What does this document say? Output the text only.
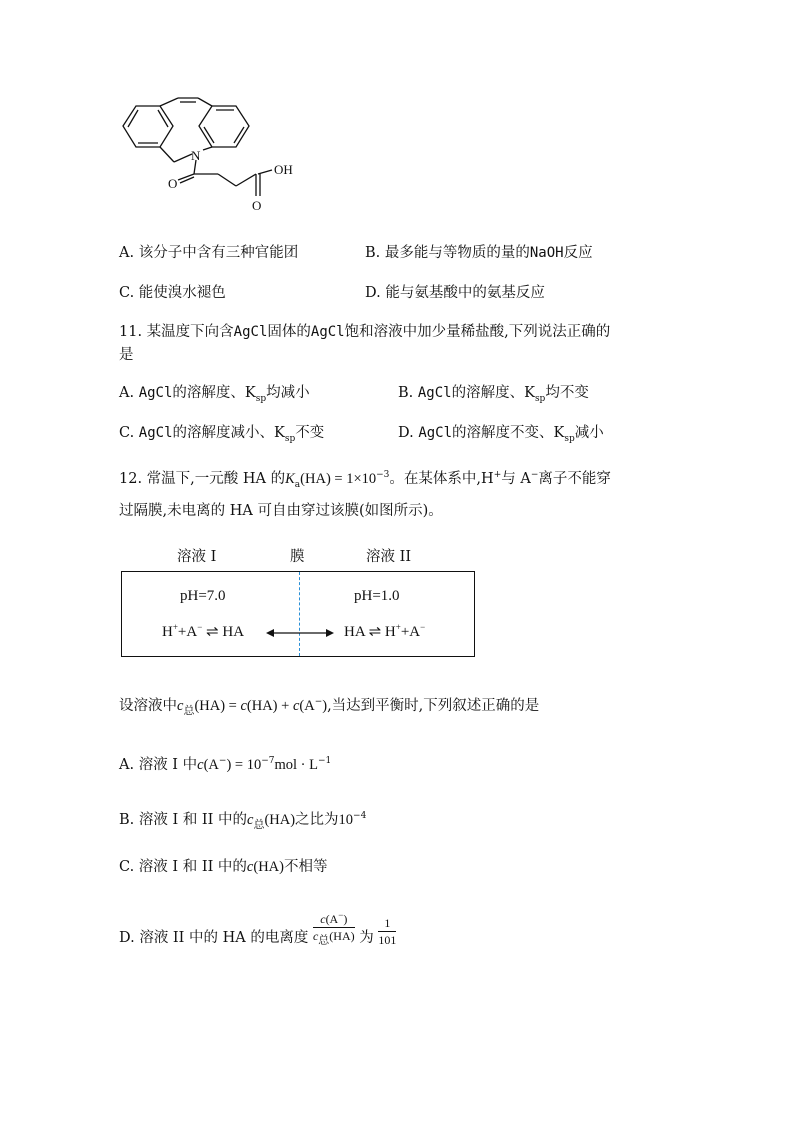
N
O
O
OH
A. 该分子中含有三种官能团	B. 最多能与等物质的量的NaOH反应
C. 能使溴水褪色	D. 能与氨基酸中的氨基反应
11. 某温度下向含AgCl固体的AgCl饱和溶液中加少量稀盐酸,下列说法正确的
是
A. AgCl的溶解度、$K_{sp}$均减小	B. AgCl的溶解度、$K_{sp}$均不变
C. AgCl的溶解度减小、$K_{sp}$不变	D. AgCl的溶解度不变、$K_{sp}$减小
12. 常温下,一元酸 HA 的$K_a(HA) = 1\times 10^{-3}$。在某体系中,H+与 A−离子不能穿
过隔膜,未电离的 HA 可自由穿过该膜(如图所示)。
溶液 I	膜	溶液 II
pH=7.0	pH=1.0
H++A− ⇌ HA	HA ⇌ H++A−
设溶液中$c_总(HA) = c(HA) + c(A^-)$,当达到平衡时,下列叙述正确的是
A. 溶液 I 中$c(A^-) = 10^{-7}mol \cdot L^{-1}$
B. 溶液 I 和 II 中的$c_总(HA)$之比为$10^{-4}$
C. 溶液 I 和 II 中的c(HA)不相等
D. 溶液 II 中的 HA 的电离度 $\frac{c(A^-)}{c_总(HA)}$ 为 $\frac{1}{101}$
